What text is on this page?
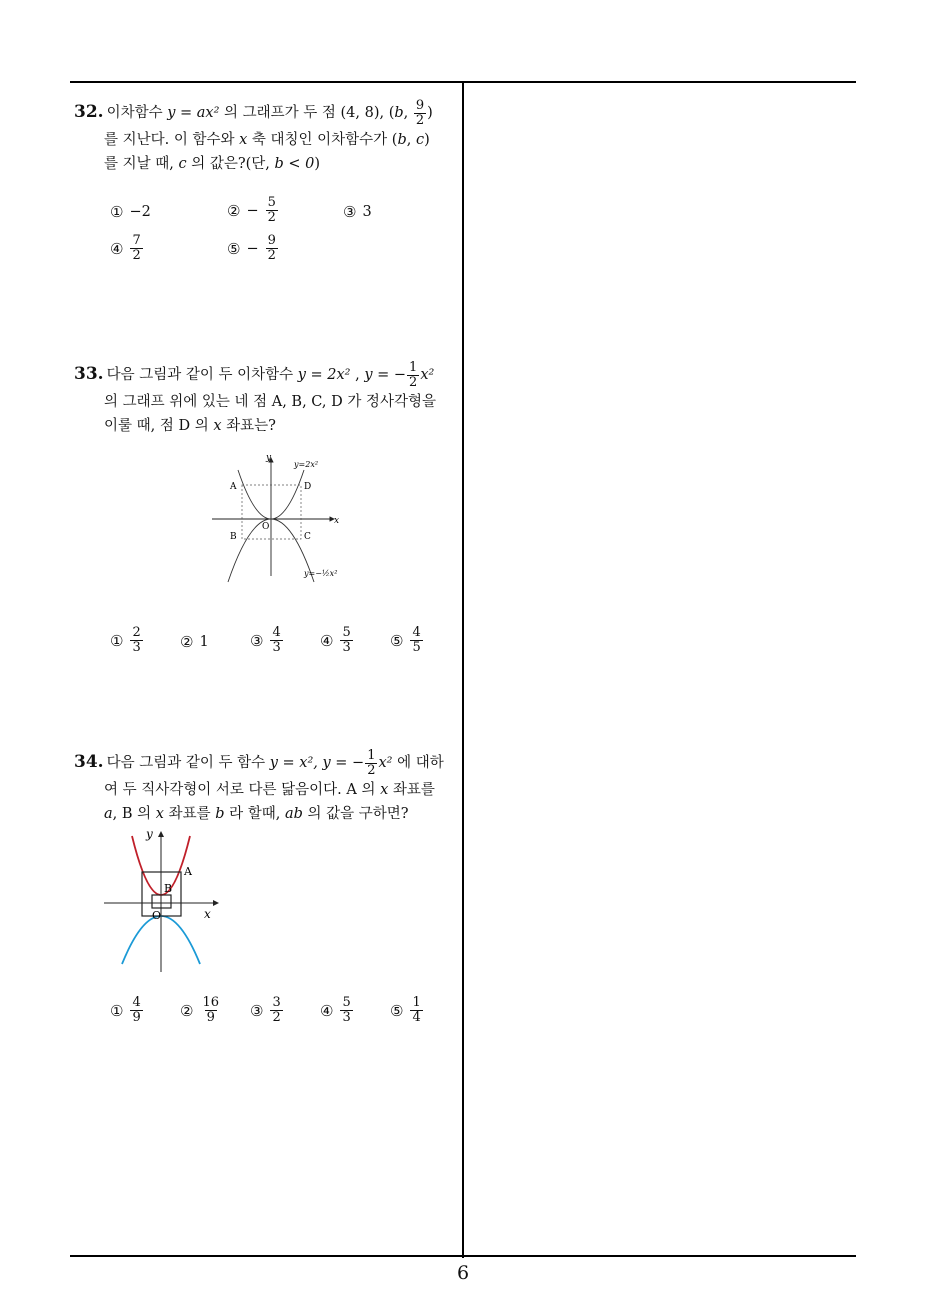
32. 이차함수 y = ax² 의 그래프가 두 점 (4, 8), (b, $\frac{9}{2}$ )
를 지난다. 이 함수와 x 축 대칭인 이차함수가 (b, c)
를 지날 때, c 의 값은?(단, b < 0)
① −2	② − $\frac{5}{2}$	③ 3
④ $\frac{7}{2}$	⑤ − $\frac{9}{2}$
33. 다음 그림과 같이 두 이차함수 y = 2x² , y = − $\frac{1}{2} x^2$
의 그래프 위에 있는 네 점 A, B, C, D 가 정사각형을
이룰 때, 점 D 의 x 좌표는?
y
x
O
A
B	C
D
y=2x²
y=−½x²
① $\frac{2}{3}$ ② 1	③ $\frac{4}{3}$ ④ $\frac{5}{3}$ ⑤ $\frac{4}{5}$
34. 다음 그림과 같이 두 함수 y = x², y = − $\frac{1}{2} x^2$ 에 대하
여 두 직사각형이 서로 다른 닮음이다. A 의 x 좌표를
a, B 의 x 좌표를 b 라 할때, ab 의 값을 구하면?
y
x
O
A
B
① $\frac{4}{9}$ ② $\frac{16}{9}$ ③ $\frac{3}{2}$ ④ $\frac{5}{3}$ ⑤ $\frac{1}{4}$
6
